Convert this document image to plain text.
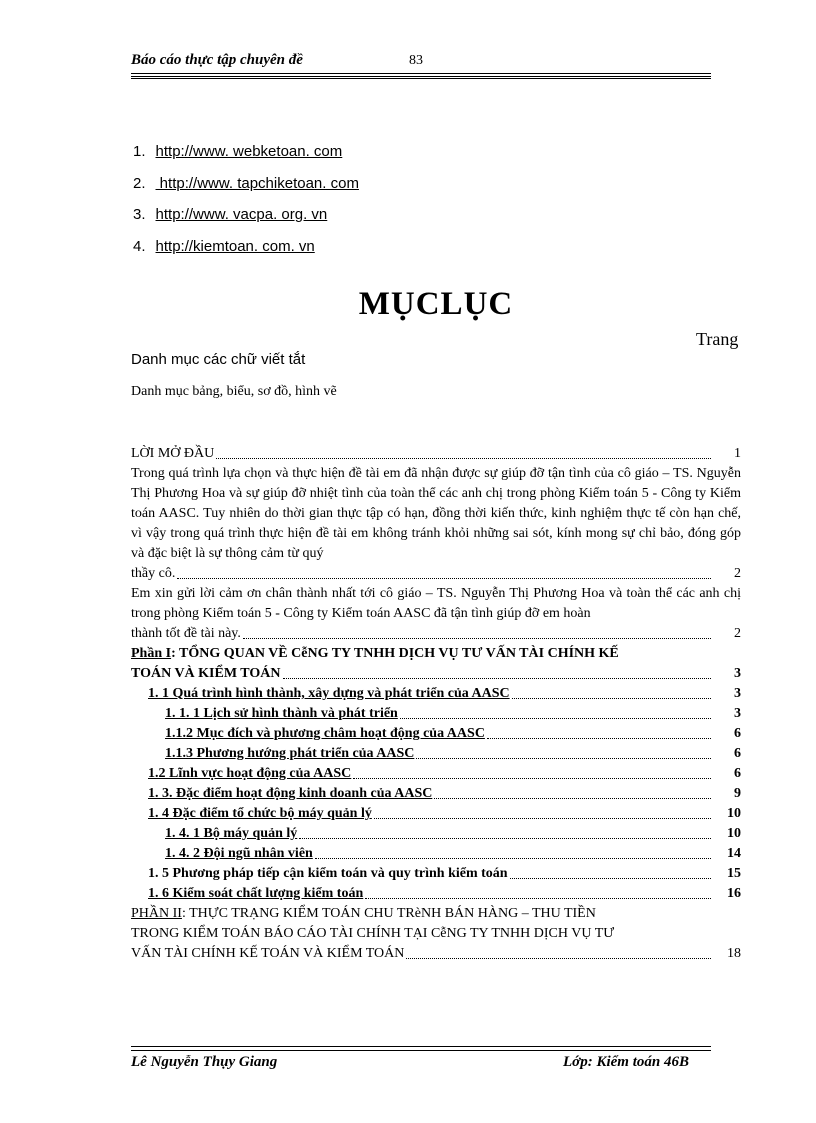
Báo cáo thực tập chuyên đề	83
1. http://www. webketoan. com
2. http://www. tapchiketoan. com
3. http://www. vacpa. org. vn
4. http://kiemtoan. com. vn
MỤCLỤC
Trang
Danh mục các chữ viết tắt
Danh mục bảng, biểu, sơ đồ, hình vẽ
LỜI MỞ ĐẦU	1
Trong quá trình lựa chọn và thực hiện đề tài em đã nhận được sự giúp đỡ tận tình của cô giáo – TS. Nguyễn Thị Phương Hoa và sự giúp đỡ nhiệt tình của toàn thể các anh chị trong phòng Kiểm toán 5 - Công ty Kiểm toán AASC. Tuy nhiên do thời gian thực tập có hạn, đồng thời kiến thức, kinh nghiệm thực tế còn hạn chế, vì vậy trong quá trình thực hiện đề tài em không tránh khỏi những sai sót, kính mong sự chỉ bảo, đóng góp và đặc biệt là sự thông cảm từ quý
thầy cô.	2
Em xin gửi lời cảm ơn chân thành nhất tới cô giáo – TS. Nguyễn Thị Phương Hoa và toàn thể các anh chị trong phòng Kiểm toán 5 - Công ty Kiểm toán AASC đã tận tình giúp đỡ em hoàn
thành tốt đề tài này.	2
Phần I: TỔNG QUAN VỀ CễNG TY TNHH DỊCH VỤ TƯ VẤN TÀI CHÍNH KẾ
TOÁN VÀ KIỂM TOÁN	3
1. 1 Quá trình hình thành, xây dựng và phát triển của AASC	3
1. 1. 1 Lịch sử hình thành và phát triển	3
1.1.2 Mục đích và phương châm hoạt động của AASC	6
1.1.3 Phương hướng phát triển của AASC	6
1.2 Lĩnh vực hoạt động của AASC	6
1. 3. Đặc điểm hoạt động kinh doanh của AASC	9
1. 4 Đặc điểm tổ chức bộ máy quản lý	10
1. 4. 1 Bộ máy quản lý	10
1. 4. 2 Đội ngũ nhân viên	14
1. 5 Phương pháp tiếp cận kiểm toán và quy trình kiểm toán	15
1. 6 Kiểm soát chất lượng kiểm toán	16
PHẦN II: THỰC TRẠNG KIỂM TOÁN CHU TRèNH BÁN HÀNG – THU TIỀN
TRONG KIỂM TOÁN BÁO CÁO TÀI CHÍNH TẠI CễNG TY TNHH DỊCH VỤ TƯ
VẤN TÀI CHÍNH KẾ TOÁN VÀ KIỂM TOÁN	18
Lê Nguyễn Thụy Giang	Lớp: Kiểm toán 46B
